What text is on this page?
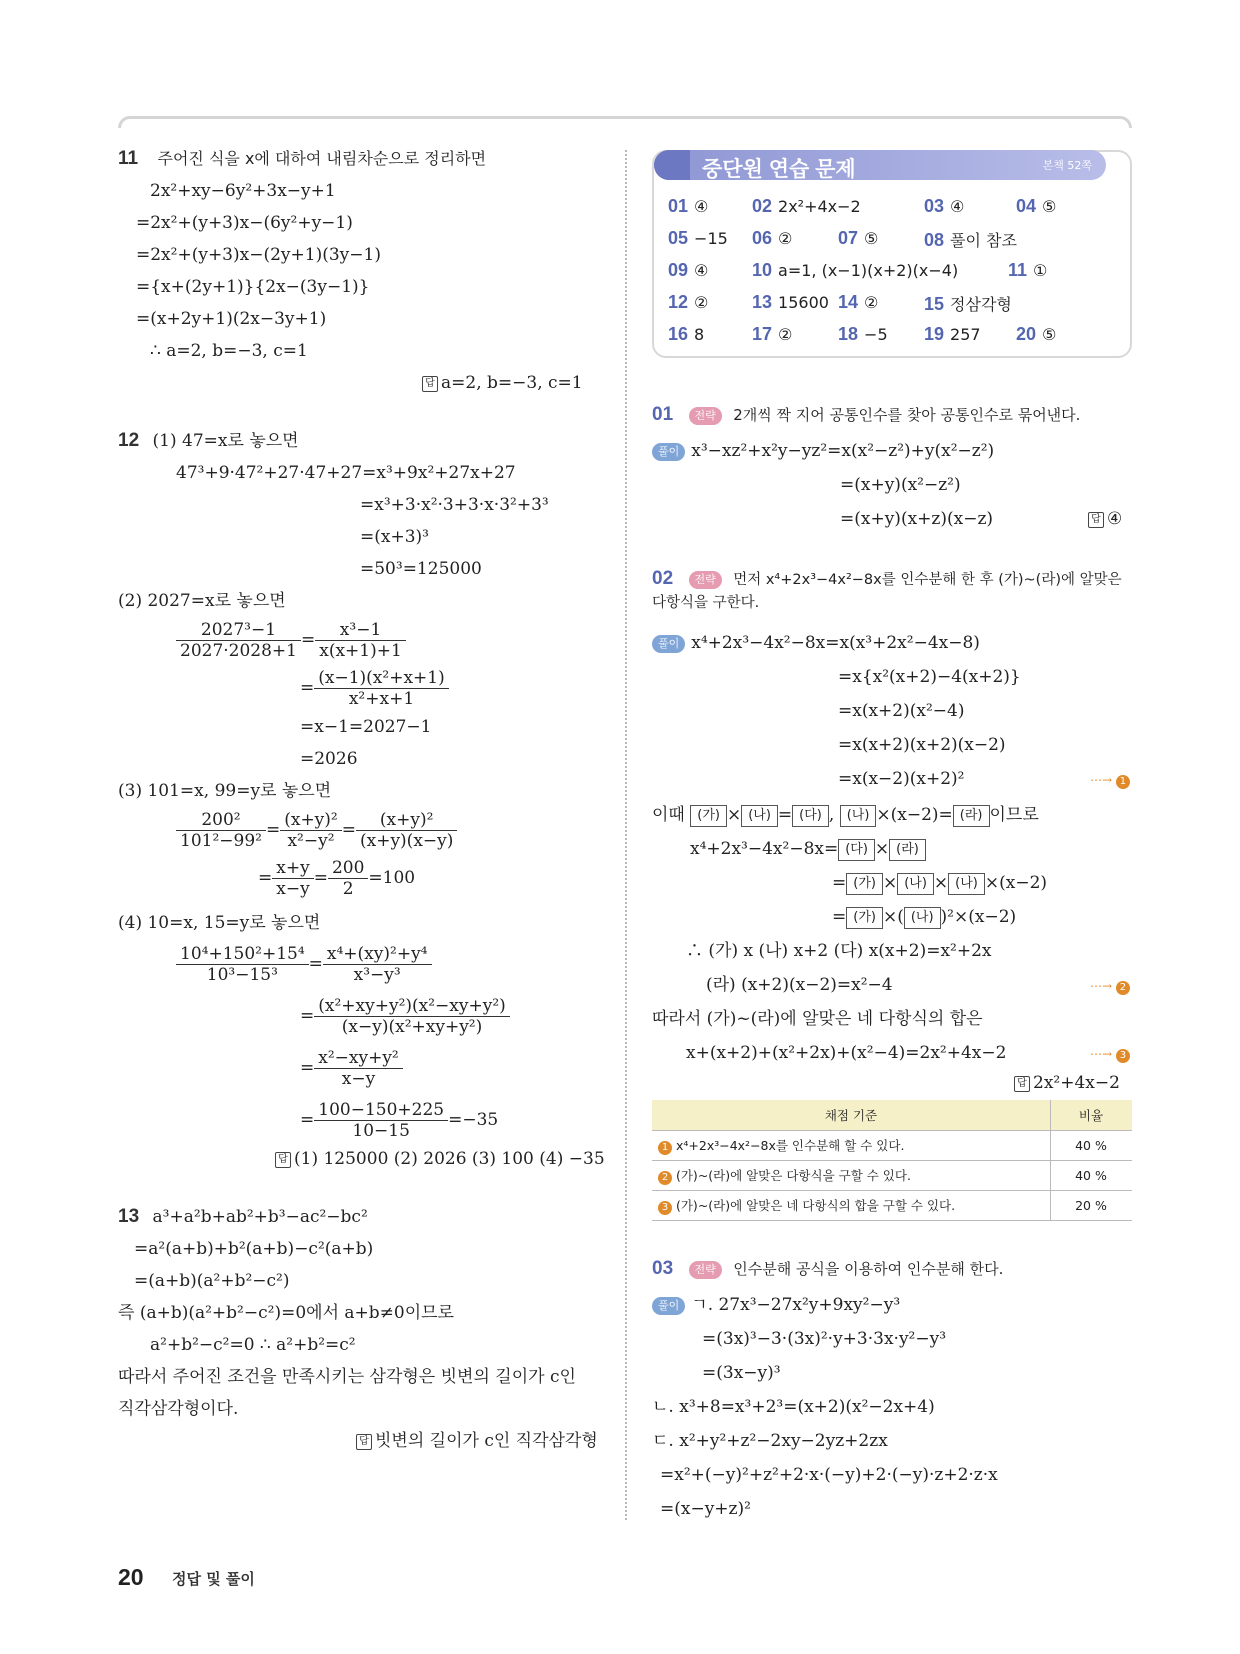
11 주어진 식을 x에 대하여 내림차순으로 정리하면
2x²+xy−6y²+3x−y+1
=2x²+(y+3)x−(6y²+y−1)
=2x²+(y+3)x−(2y+1)(3y−1)
={x+(2y+1)}{2x−(3y−1)}
=(x+2y+1)(2x−3y+1)
∴ a=2, b=−3, c=1
답 a=2, b=−3, c=1
12 (1) 47=x로 놓으면
47³+9·47²+27·47+27=x³+9x²+27x+27
=x³+3·x²·3+3·x·3²+3³
=(x+3)³
=50³=125000
(2) 2027=x로 놓으면
$\frac{\text{2027³−1}}{2027\cdot 2028+1} = \frac{\text{x³−1}}{x(x+1)+1}$
= $\frac{\text{(x−1)(x²+x+1)}}{\text{x²+x+1}}$
=x−1=2027−1
=2026
(3) 101=x, 99=y로 놓으면
$\frac{\text{200²}}{\text{101²−99²}} = \frac{\text{(x+y)²}}{\text{x²−y²}} = \frac{\text{(x+y)²}}{(x+y)(x-y)}$
= $\frac{x+y}{x-y} = \frac{200}{2} =100$
(4) 10=x, 15=y로 놓으면
$\frac{\text{10⁴+150²+15⁴}}{\text{10³−15³}} = \frac{\text{x⁴+(xy)²+y⁴}}{\text{x³−y³}}$
= $\frac{\text{(x²+xy+y²)(x²−xy+y²)}}{\text{(x−y)(x²+xy+y²)}}$
= $\frac{\text{x²−xy+y²}}{x-y}$
= $\frac{100-150+225}{10-15} =-35$
답 (1) 125000 (2) 2026 (3) 100 (4) −35
13 a³+a²b+ab²+b³−ac²−bc²
=a²(a+b)+b²(a+b)−c²(a+b)
=(a+b)(a²+b²−c²)
즉 (a+b)(a²+b²−c²)=0에서 a+b≠0이므로
a²+b²−c²=0 ∴ a²+b²=c²
따라서 주어진 조건을 만족시키는 삼각형은 빗변의 길이가 c인
직각삼각형이다.
답 빗변의 길이가 c인 직각삼각형
중단원 연습 문제	본책 52쪽
01 ④ 02 2x²+4x−2	03 ④	04 ⑤
05 −15 06 ②	07 ⑤	08 풀이 참조
09 ④ 10 a=1, (x−1)(x+2)(x−4)	11 ①
12 ② 13 15600 14 ②	15 정삼각형
16 8	17 ②	18 −5 19 257 20 ⑤
01 전략 2개씩 짝 지어 공통인수를 찾아 공통인수로 묶어낸다.
풀이 x³−xz²+x²y−yz²=x(x²−z²)+y(x²−z²)
=(x+y)(x²−z²)
=(x+y)(x+z)(x−z)	답 ④
02 전략 먼저 x⁴+2x³−4x²−8x를 인수분해 한 후 (가)~(라)에 알맞은
다항식을 구한다.
풀이 x⁴+2x³−4x²−8x=x(x³+2x²−4x−8)
=x{x²(x+2)−4(x+2)}
=x(x+2)(x²−4)
=x(x+2)(x+2)(x−2)
=x(x−2)(x+2)²	⋯→ 1
이때 (가) × (나) = (다) , (나) ×(x−2)= (라) 이므로
x⁴+2x³−4x²−8x= (다) × (라)
= (가) × (나) × (나) ×(x−2)
= (가) ×( (나) )²×(x−2)
∴ (가) x (나) x+2 (다) x(x+2)=x²+2x
(라) (x+2)(x−2)=x²−4	⋯→ 2
따라서 (가)~(라)에 알맞은 네 다항식의 합은
x+(x+2)+(x²+2x)+(x²−4)=2x²+4x−2	⋯→ 3
답 2x²+4x−2
채점 기준	비율
1 x⁴+2x³−4x²−8x를 인수분해 할 수 있다.	40 %
2 (가)~(라)에 알맞은 다항식을 구할 수 있다.	40 %
3 (가)~(라)에 알맞은 네 다항식의 합을 구할 수 있다.	20 %
03 전략 인수분해 공식을 이용하여 인수분해 한다.
풀이 ㄱ. 27x³−27x²y+9xy²−y³
=(3x)³−3·(3x)²·y+3·3x·y²−y³
=(3x−y)³
ㄴ. x³+8=x³+2³=(x+2)(x²−2x+4)
ㄷ. x²+y²+z²−2xy−2yz+2zx
=x²+(−y)²+z²+2·x·(−y)+2·(−y)·z+2·z·x
=(x−y+z)²
20 정답 및 풀이
